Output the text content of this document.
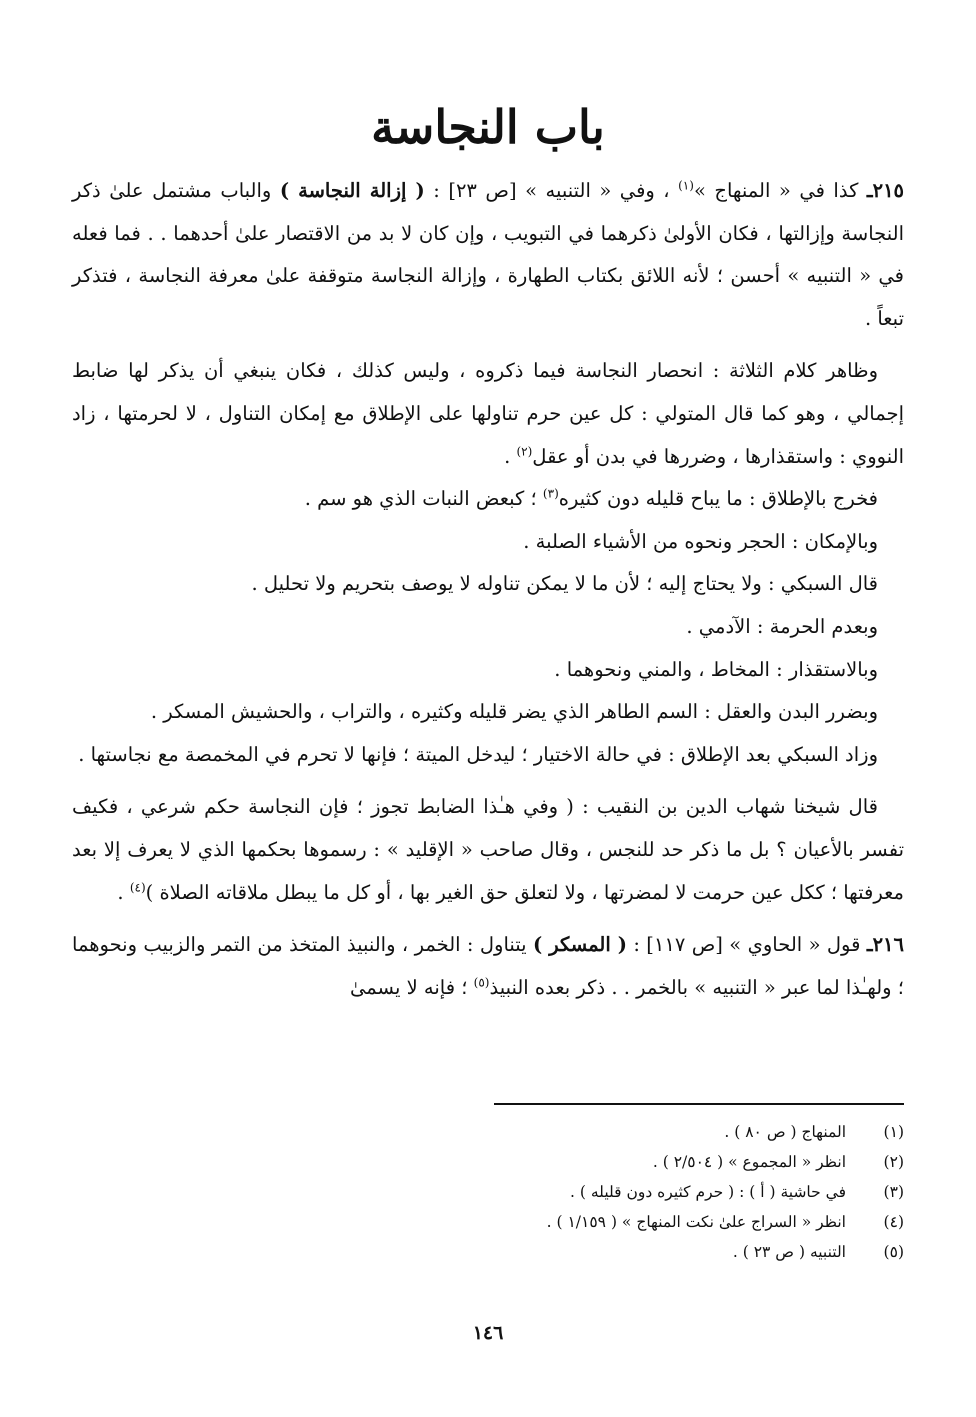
باب النجاسة

٢١٥ـ كذا في « المنهاج »$^{(١)}$ ، وفي « التنبيه » [ص ٢٣] : ( إزالة النجاسة ) والباب مشتمل علىٰ ذكر النجاسة وإزالتها ، فكان الأولىٰ ذكرهما في التبويب ، وإن كان لا بد من الاقتصار علىٰ أحدهما . . فما فعله في « التنبيه » أحسن ؛ لأنه اللائق بكتاب الطهارة ، وإزالة النجاسة متوقفة علىٰ معرفة النجاسة ، فتذكر تبعاً .

وظاهر كلام الثلاثة : انحصار النجاسة فيما ذكروه ، وليس كذلك ، فكان ينبغي أن يذكر لها ضابط إجمالي ، وهو كما قال المتولي : كل عين حرم تناولها على الإطلاق مع إمكان التناول ، لا لحرمتها ، زاد النووي : واستقذارها ، وضررها في بدن أو عقل$^{(٢)}$ .

فخرج بالإطلاق : ما يباح قليله دون كثيره$^{(٣)}$ ؛ كبعض النبات الذي هو سم .

وبالإمكان : الحجر ونحوه من الأشياء الصلبة .

قال السبكي : ولا يحتاج إليه ؛ لأن ما لا يمكن تناوله لا يوصف بتحريم ولا تحليل .

وبعدم الحرمة : الآدمي .

وبالاستقذار : المخاط ، والمني ونحوهما .

وبضرر البدن والعقل : السم الطاهر الذي يضر قليله وكثيره ، والتراب ، والحشيش المسكر .

وزاد السبكي بعد الإطلاق : في حالة الاختيار ؛ ليدخل الميتة ؛ فإنها لا تحرم في المخمصة مع نجاستها .

قال شيخنا شهاب الدين بن النقيب : ( وفي هـٰذا الضابط تجوز ؛ فإن النجاسة حكم شرعي ، فكيف تفسر بالأعيان ؟ بل ما ذكر حد للنجس ، وقال صاحب « الإقليد » : رسموها بحكمها الذي لا يعرف إلا بعد معرفتها ؛ ككل عين حرمت لا لمضرتها ، ولا لتعلق حق الغير بها ، أو كل ما يبطل ملاقاته الصلاة )$^{(٤)}$ .

٢١٦ـ قول « الحاوي » [ص ١١٧] : ( المسكر ) يتناول : الخمر ، والنبيذ المتخذ من التمر والزبيب ونحوهما ؛ ولهـٰذا لما عبر « التنبيه » بالخمر . . ذكر بعده النبيذ$^{(٥)}$ ؛ فإنه لا يسمىٰ

(١)
المنهاج ( ص ٨٠ ) .
(٢)
انظر « المجموع » ( ٢/٥٠٤ ) .
(٣)
في حاشية ( أ ) : ( حرم كثيره دون قليله ) .
(٤)
انظر « السراج علىٰ نكت المنهاج » ( ١/١٥٩ ) .
(٥)
التنبيه ( ص ٢٣ ) .
١٤٦
